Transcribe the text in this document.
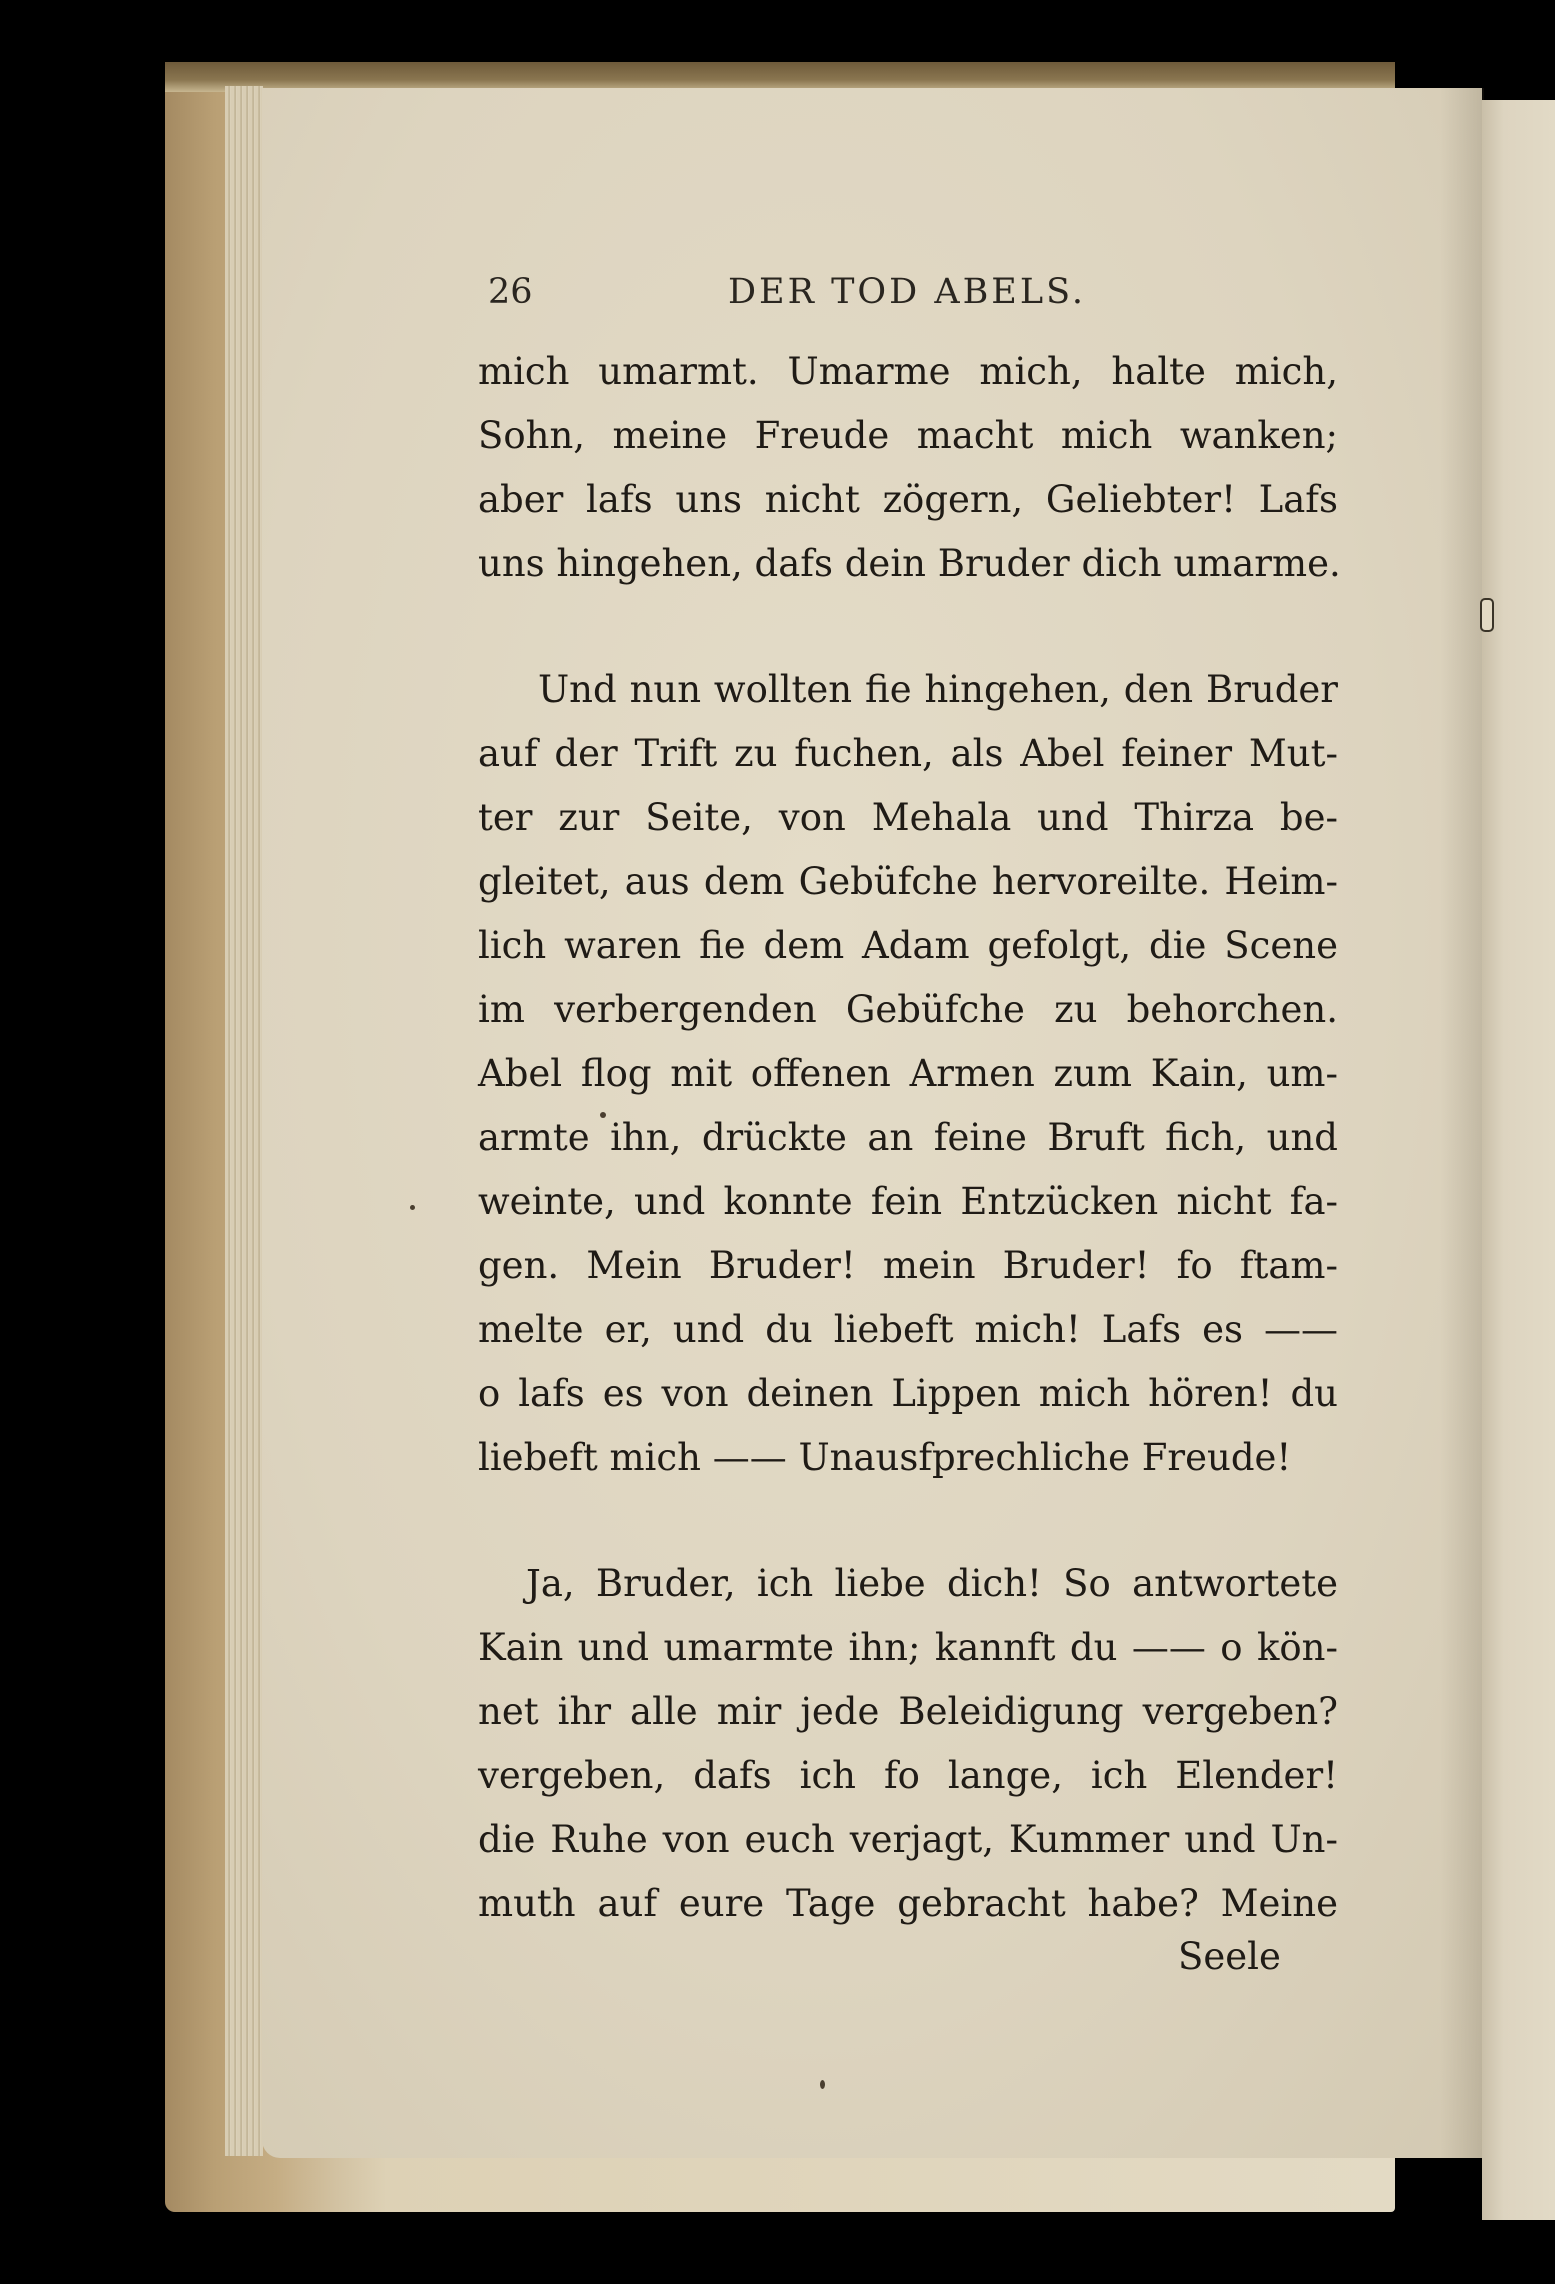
26	DER TOD ABELS.
mich umarmt. Umarme mich, halte mich,
Sohn, meine Freude macht mich wanken;
aber lafs uns nicht zögern, Geliebter! Lafs
uns hingehen, dafs dein Bruder dich umarme.
Und nun wollten fie hingehen, den Bruder
auf der Trift zu fuchen, als Abel feiner Mut-
ter zur Seite, von Mehala und Thirza be-
gleitet, aus dem Gebüfche hervoreilte. Heim-
lich waren fie dem Adam gefolgt, die Scene
im verbergenden Gebüfche zu behorchen.
Abel flog mit offenen Armen zum Kain, um-
armte ihn, drückte an feine Bruft fich, und
weinte, und konnte fein Entzücken nicht fa-
gen. Mein Bruder! mein Bruder! fo ftam-
melte er, und du liebeft mich! Lafs es ——
o lafs es von deinen Lippen mich hören! du
liebeft mich —— Unausfprechliche Freude!
Ja, Bruder, ich liebe dich! So antwortete
Kain und umarmte ihn; kannft du —— o kön-
net ihr alle mir jede Beleidigung vergeben?
vergeben, dafs ich fo lange, ich Elender!
die Ruhe von euch verjagt, Kummer und Un-
muth auf eure Tage gebracht habe? Meine
Seele
